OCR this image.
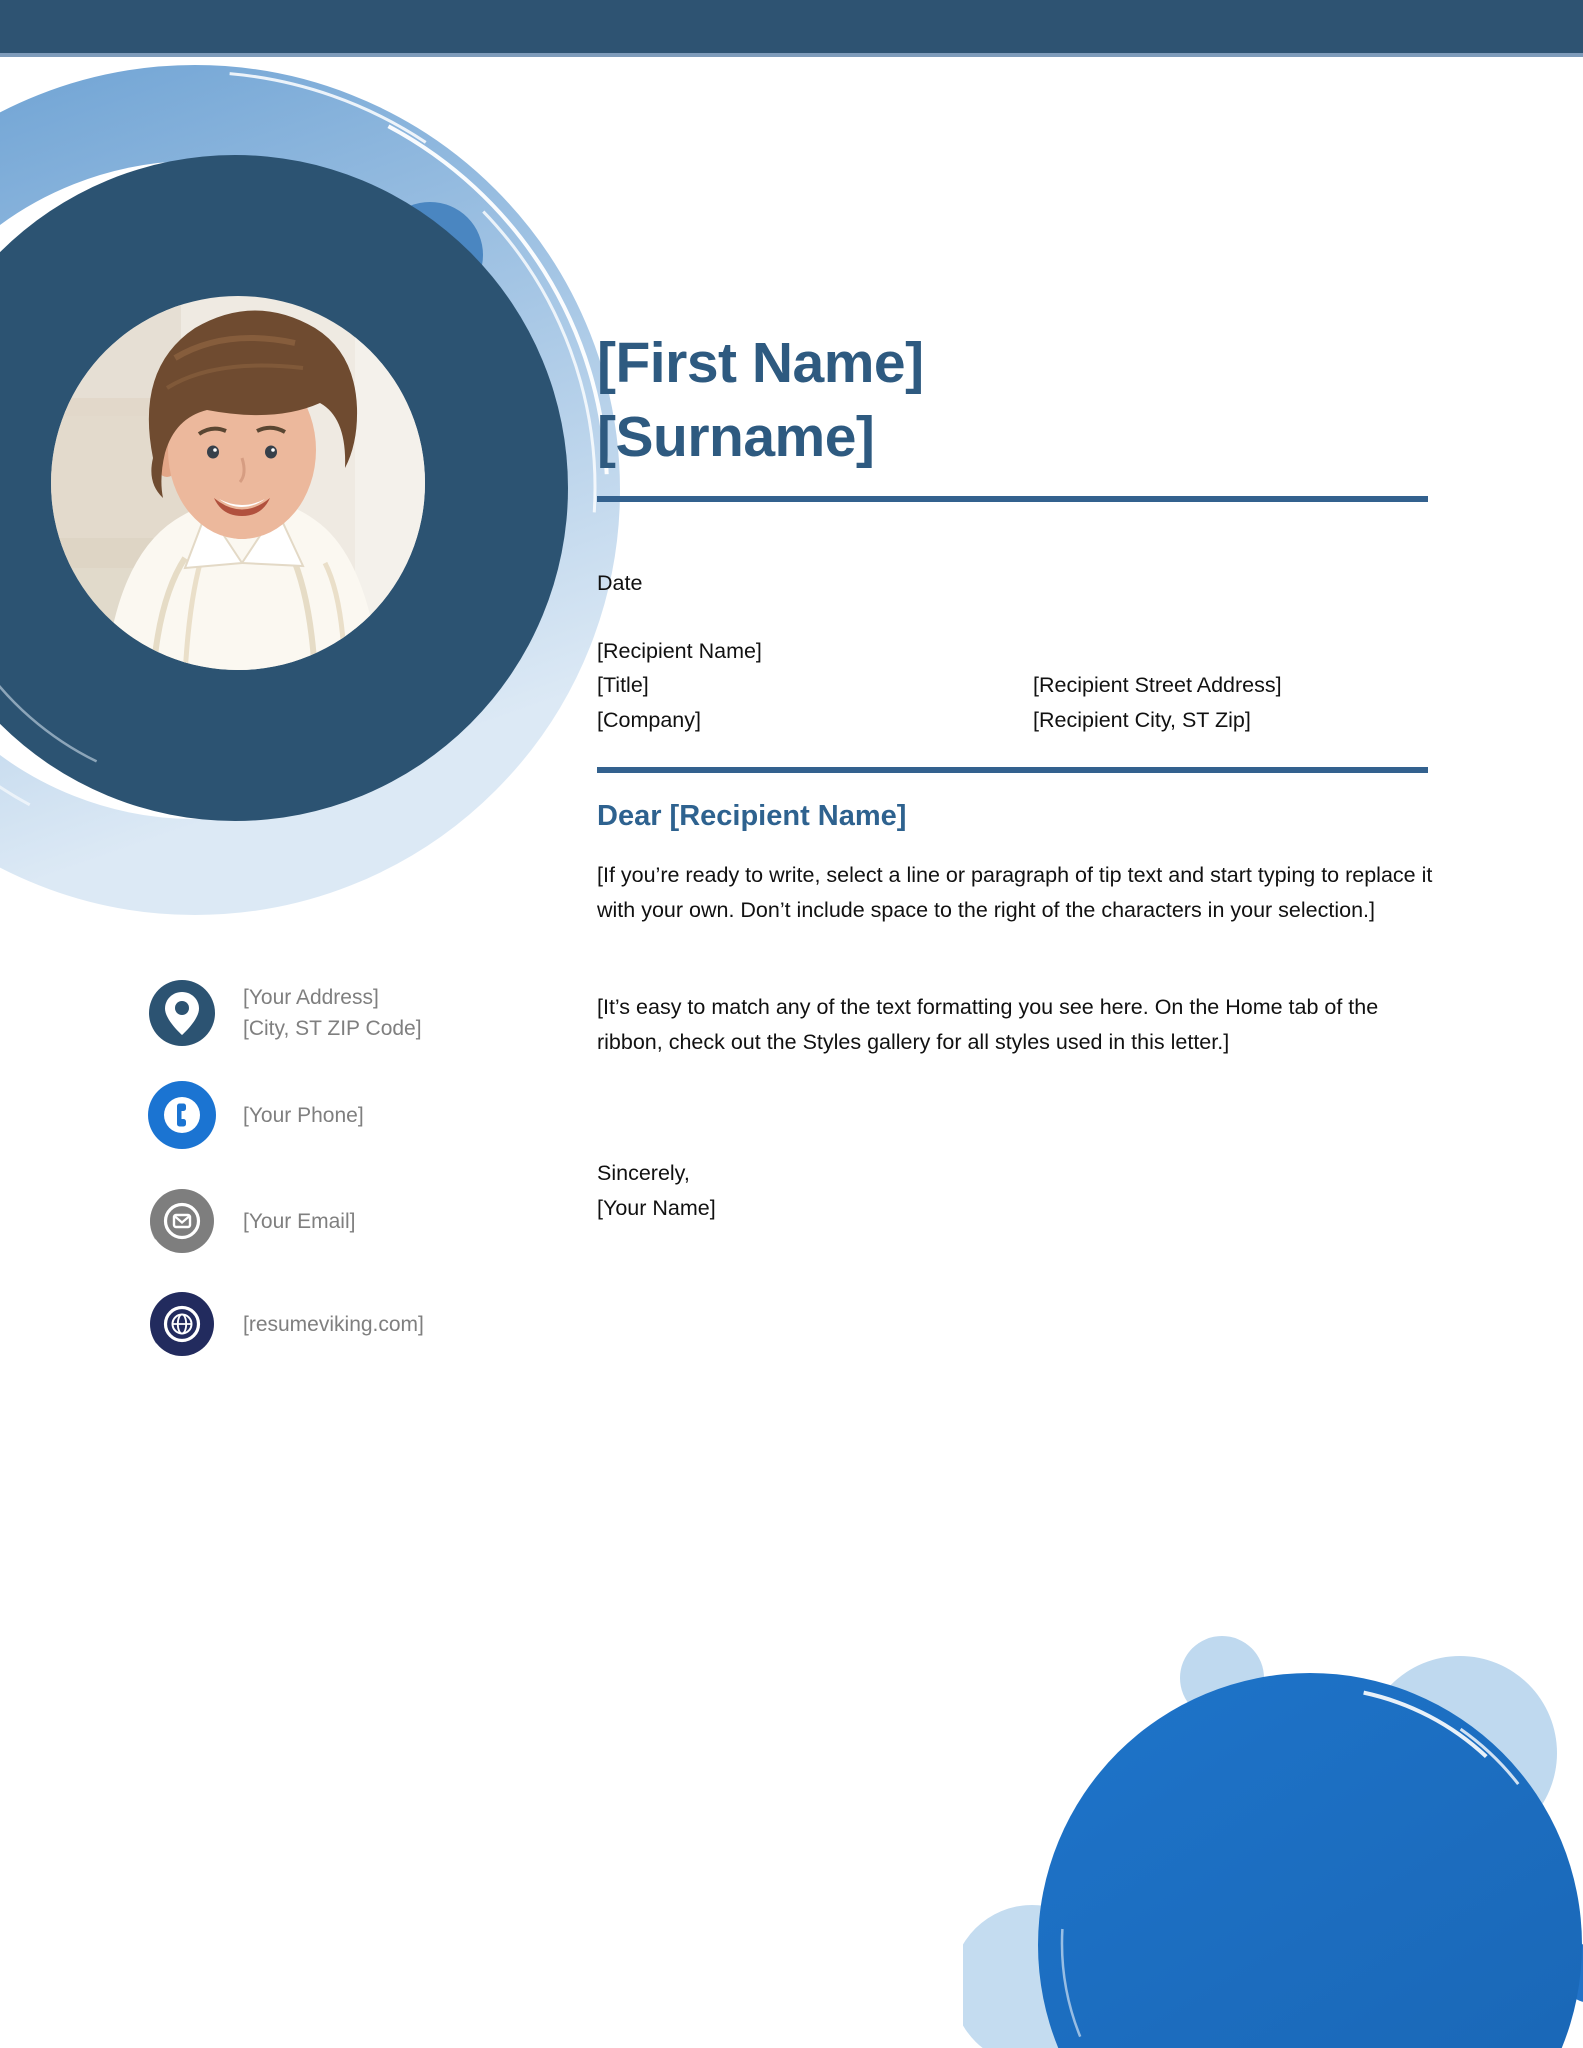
[First Name]
[Surname]
Date
[Recipient Name]
[Title]	[Recipient Street Address]
[Company]	[Recipient City, ST Zip]
Dear [Recipient Name]
[If you’re ready to write, select a line or paragraph of tip text and start typing to replace it with your own. Don’t include space to the right of the characters in your selection.]
[It’s easy to match any of the text formatting you see here. On the Home tab of the ribbon, check out the Styles gallery for all styles used in this letter.]
Sincerely,
[Your Name]
[Your Address]
[City, ST ZIP Code]
[Your Phone]
[Your Email]
[resumeviking.com]
